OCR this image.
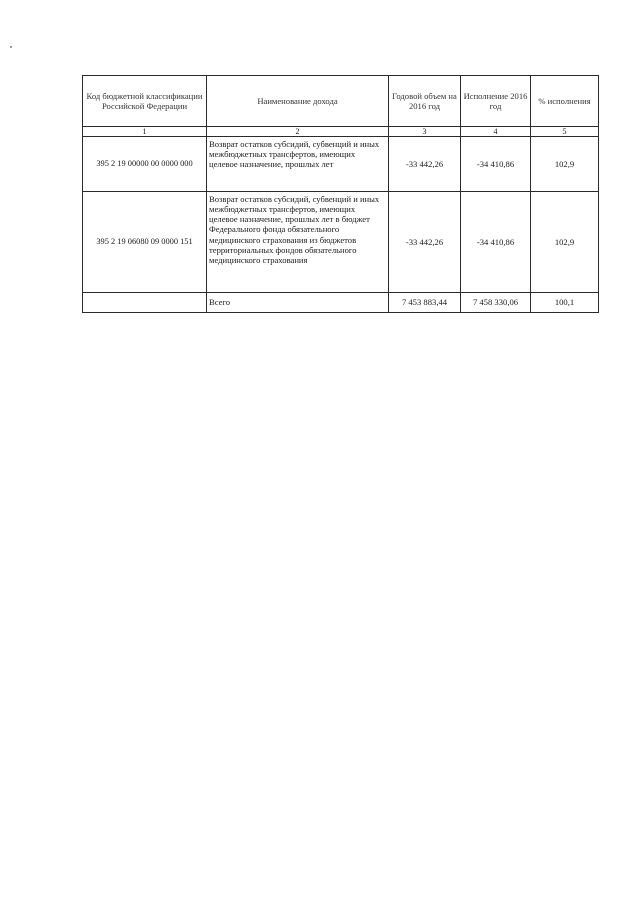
Код бюджетной классификации Российской Федерации	Наименование дохода	Годовой объем на 2016 год	Исполнение 2016 год	% исполнения
1	2	3	4	5
395 2 19 00000 00 0000 000	Возврат остатков субсидий, субвенций и иных межбюджетных трансфертов, имеющих целевое назначение, прошлых лет	-33 442,26	-34 410,86	102,9
395 2 19 06080 09 0000 151	Возврат остатков субсидий, субвенций и иных межбюджетных трансфертов, имеющих целевое назначение, прошлых лет в бюджет Федерального фонда обязательного медицинского страхования из бюджетов территориальных фондов обязательного медицинского страхования	-33 442,26	-34 410,86	102,9
	Всего	7 453 883,44	7 458 330,06	100,1
